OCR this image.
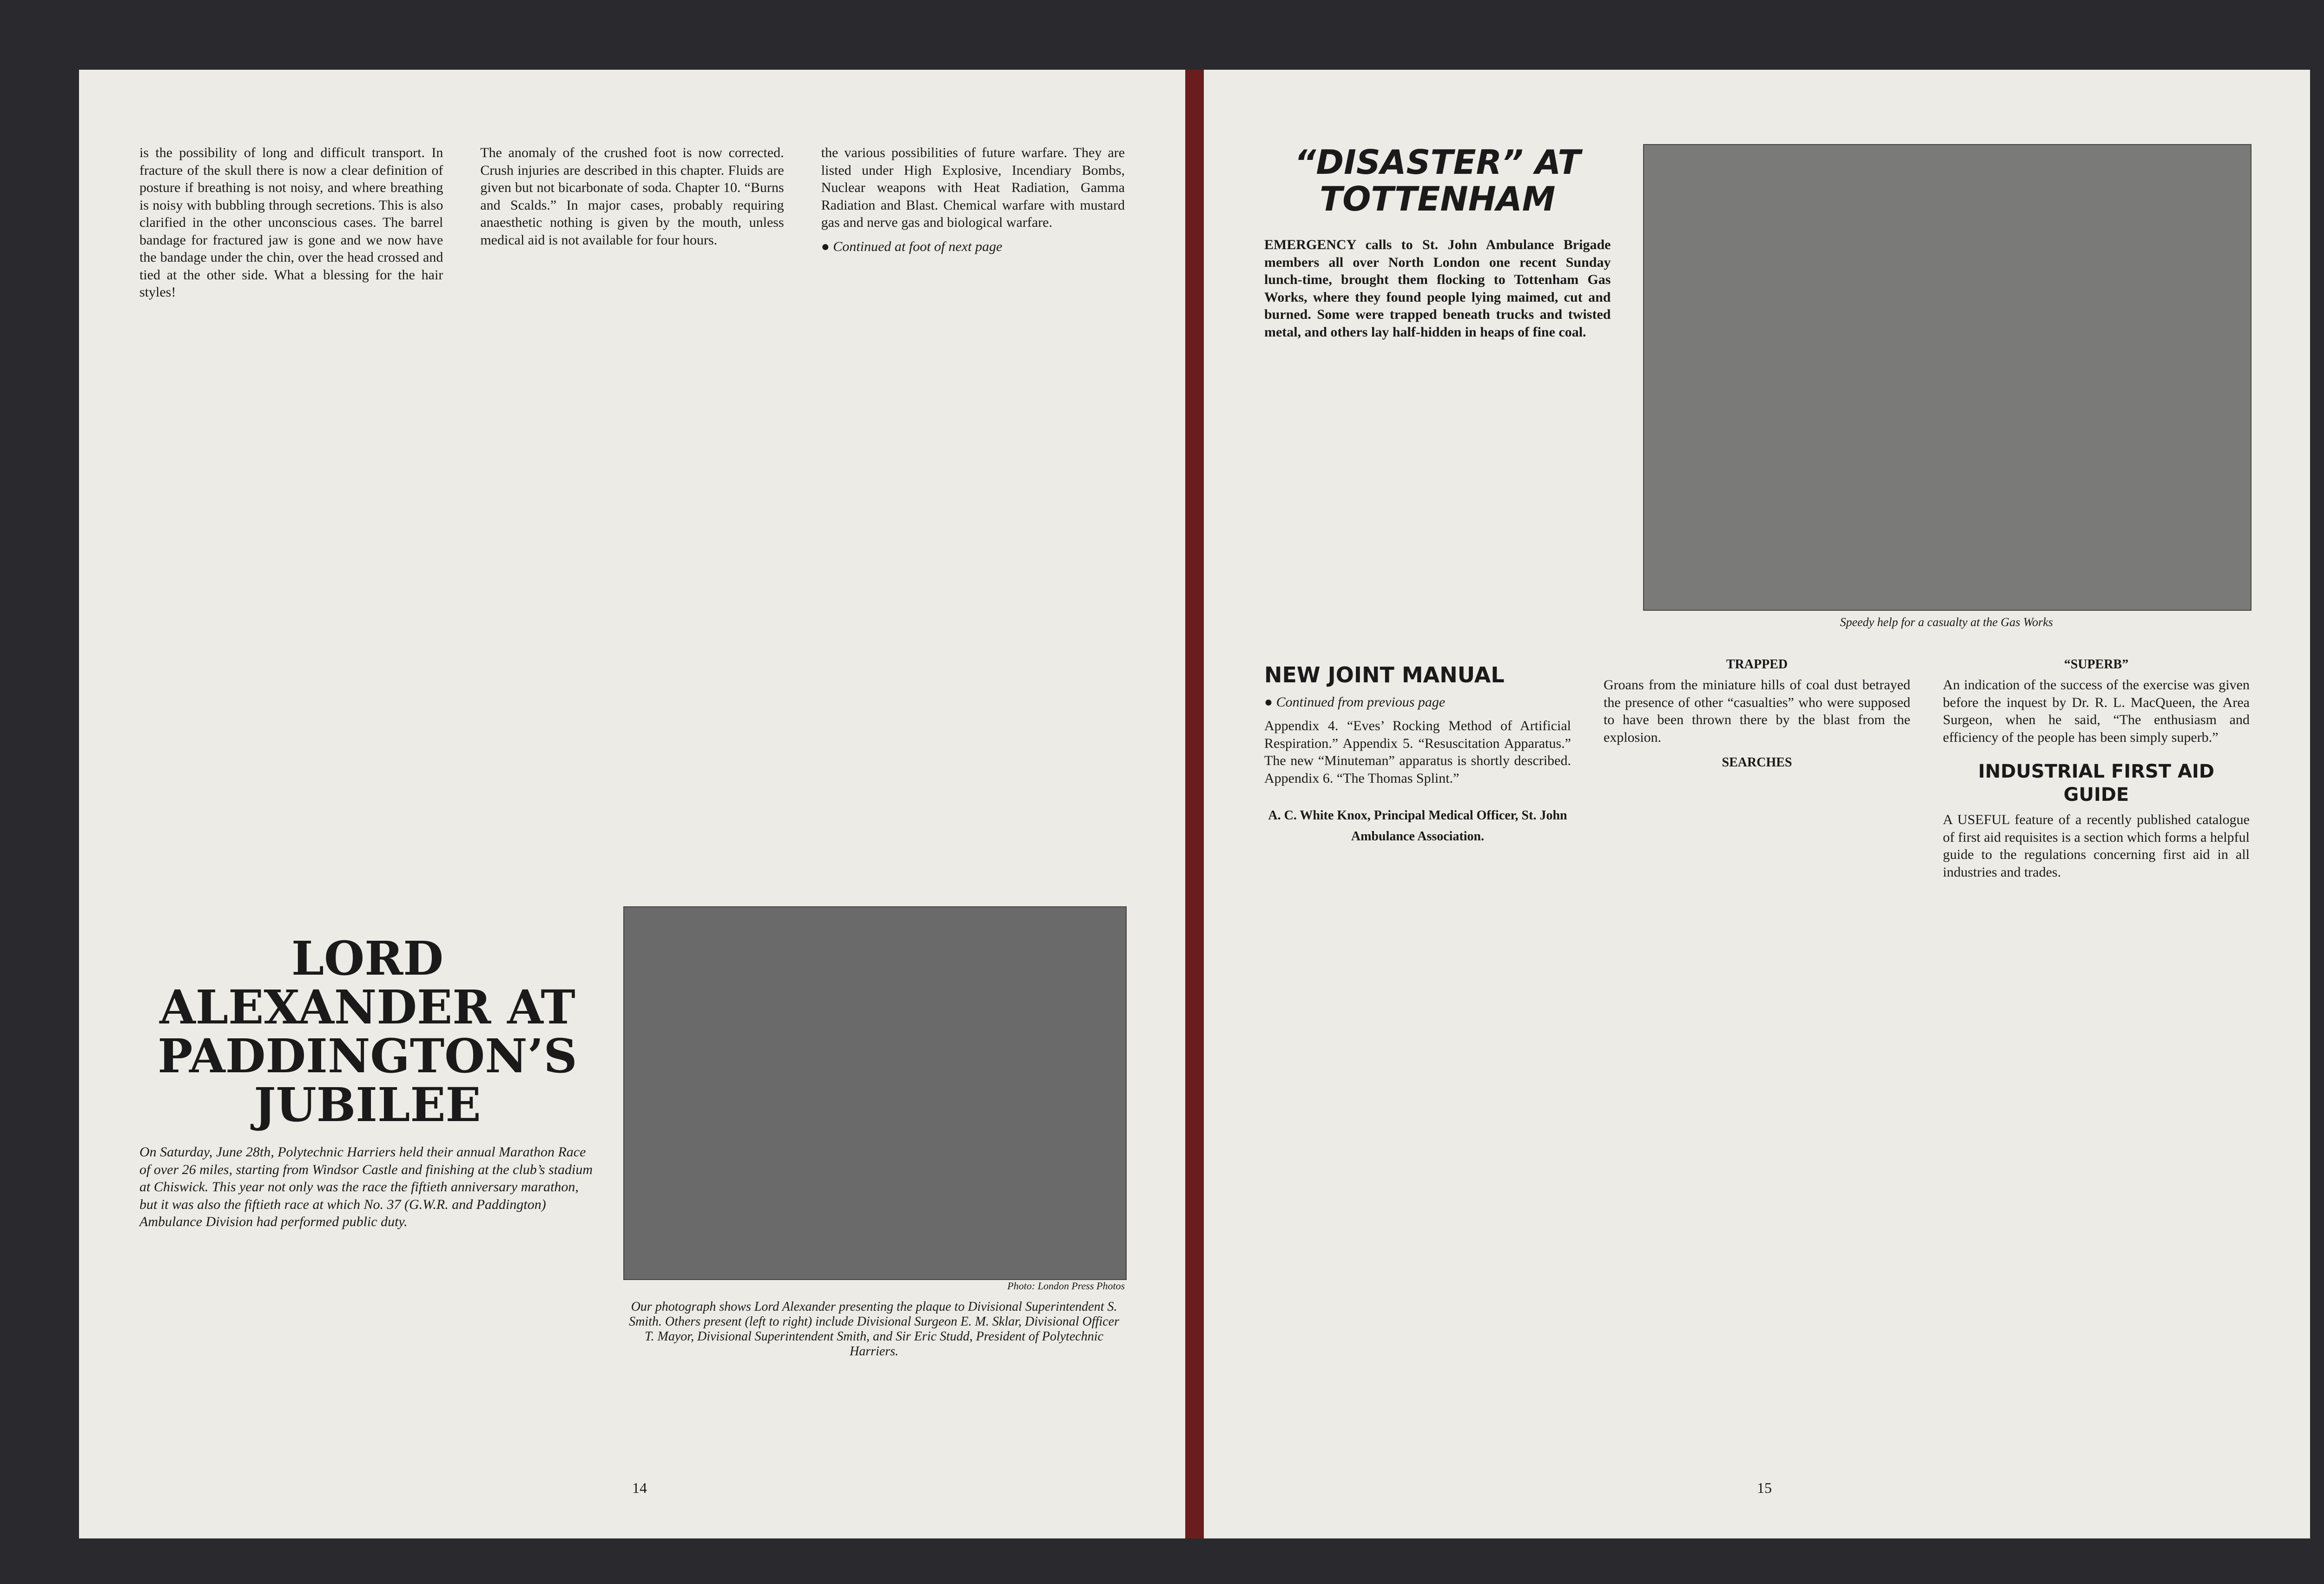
is the possibility of long and difficult transport. In fracture of the skull there is now a clear definition of posture if breathing is not noisy, and where breathing is noisy with bubbling through secretions. This is also clarified in the other unconscious cases. The barrel bandage for fractured jaw is gone and we now have the bandage under the chin, over the head crossed and tied at the other side. What a blessing for the hair styles!

The anomaly of the crushed foot is now corrected. Crush injuries are described in this chapter. Fluids are given but not bicarbonate of soda. Chapter 10. “Burns and Scalds.” In major cases, probably requiring anaesthetic nothing is given by the mouth, unless medical aid is not available for four hours.

the various possibilities of future warfare. They are listed under High Explosive, Incendiary Bombs, Nuclear weapons with Heat Radiation, Gamma Radiation and Blast. Chemical warfare with mustard gas and nerve gas and biological warfare.

● Continued at foot of next page

LORD ALEXANDER AT PADDINGTON’S JUBILEE

On Saturday, June 28th, Polytechnic Harriers held their annual Marathon Race of over 26 miles, starting from Windsor Castle and finishing at the club’s stadium at Chiswick. This year not only was the race the fiftieth anniversary marathon, but it was also the fiftieth race at which No. 37 (G.W.R. and Paddington) Ambulance Division had performed public duty.

Photo: London Press Photos

Our photograph shows Lord Alexander presenting the plaque to Divisional Superintendent S. Smith. Others present (left to right) include Divisional Surgeon E. M. Sklar, Divisional Officer T. Mayor, Divisional Superintendent Smith, and Sir Eric Studd, President of Polytechnic Harriers.

14
“DISASTER” AT TOTTENHAM

EMERGENCY calls to St. John Ambulance Brigade members all over North London one recent Sunday lunch-time, brought them flocking to Tottenham Gas Works, where they found people lying maimed, cut and burned. Some were trapped beneath trucks and twisted metal, and others lay half-hidden in heaps of fine coal.

Speedy help for a casualty at the Gas Works
NEW JOINT MANUAL

● Continued from previous page

Appendix 4. “Eves’ Rocking Method of Artificial Respiration.” Appendix 5. “Resuscitation Apparatus.” The new “Minuteman” apparatus is shortly described. Appendix 6. “The Thomas Splint.”

A. C. White Knox, Principal Medical Officer, St. John Ambulance Association.
TRAPPED

Groans from the miniature hills of coal dust betrayed the presence of other “casualties” who were supposed to have been thrown there by the blast from the explosion.

SEARCHES
“SUPERB”

An indication of the success of the exercise was given before the inquest by Dr. R. L. MacQueen, the Area Surgeon, when he said, “The enthusiasm and efficiency of the people has been simply superb.”

INDUSTRIAL FIRST AID GUIDE

A USEFUL feature of a recently published catalogue of first aid requisites is a section which forms a helpful guide to the regulations concerning first aid in all industries and trades.

15
